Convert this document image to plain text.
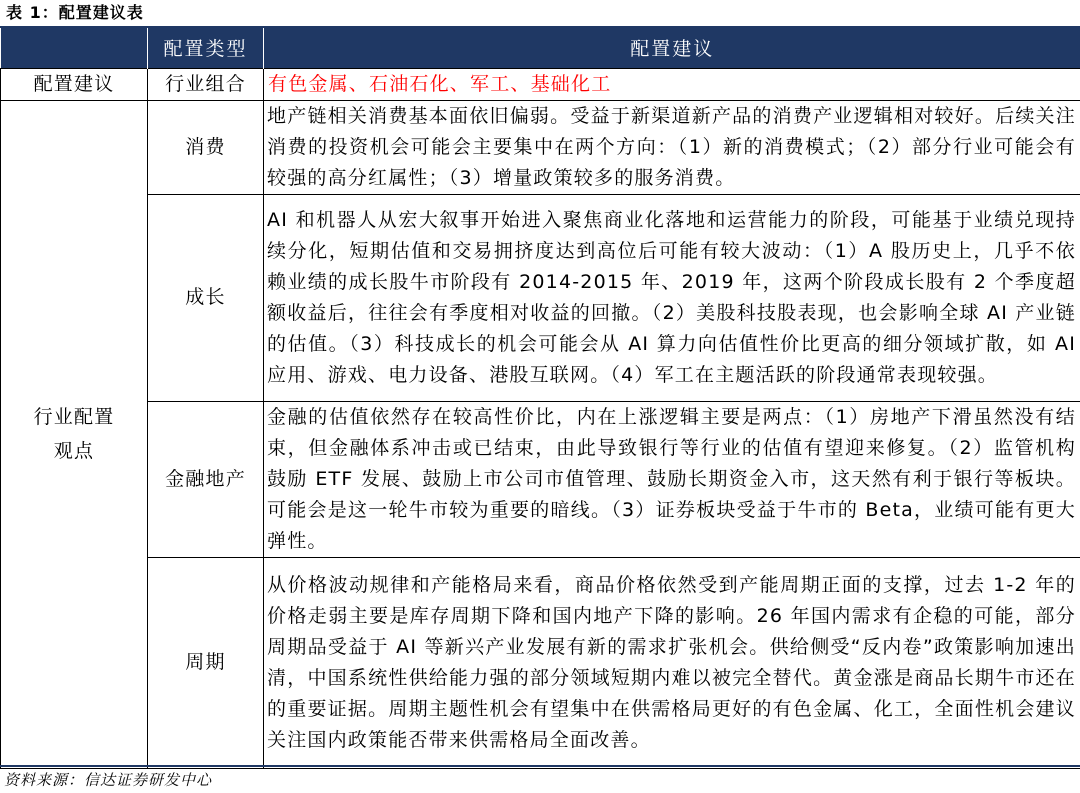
表 1：配置建议表
	配置类型	配置建议
配置建议	行业组合	有色金属、石油石化、军工、基础化工
行业配置观点	消费	地产链相关消费基本面依旧偏弱。受益于新渠道新产品的消费产业逻辑相对较好。后续关注消费的投资机会可能会主要集中在两个方向：（1）新的消费模式；（2）部分行业可能会有较强的高分红属性；（3）增量政策较多的服务消费。
	成长	AI 和机器人从宏大叙事开始进入聚焦商业化落地和运营能力的阶段，可能基于业绩兑现持续分化，短期估值和交易拥挤度达到高位后可能有较大波动：（1）A 股历史上，几乎不依赖业绩的成长股牛市阶段有 2014-2015 年、2019 年，这两个阶段成长股有 2 个季度超额收益后，往往会有季度相对收益的回撤。（2）美股科技股表现，也会影响全球 AI 产业链的估值。（3）科技成长的机会可能会从 AI 算力向估值性价比更高的细分领域扩散，如 AI 应用、游戏、电力设备、港股互联网。（4）军工在主题活跃的阶段通常表现较强。
	金融地产	金融的估值依然存在较高性价比，内在上涨逻辑主要是两点：（1）房地产下滑虽然没有结束，但金融体系冲击或已结束，由此导致银行等行业的估值有望迎来修复。（2）监管机构鼓励 ETF 发展、鼓励上市公司市值管理、鼓励长期资金入市，这天然有利于银行等板块。可能会是这一轮牛市较为重要的暗线。（3）证券板块受益于牛市的 Beta，业绩可能有更大弹性。
	周期	从价格波动规律和产能格局来看，商品价格依然受到产能周期正面的支撑，过去 1-2 年的价格走弱主要是库存周期下降和国内地产下降的影响。26 年国内需求有企稳的可能，部分周期品受益于 AI 等新兴产业发展有新的需求扩张机会。供给侧受“反内卷”政策影响加速出清，中国系统性供给能力强的部分领域短期内难以被完全替代。黄金涨是商品长期牛市还在的重要证据。周期主题性机会有望集中在供需格局更好的有色金属、化工，全面性机会建议关注国内政策能否带来供需格局全面改善。
资料来源：信达证券研发中心
